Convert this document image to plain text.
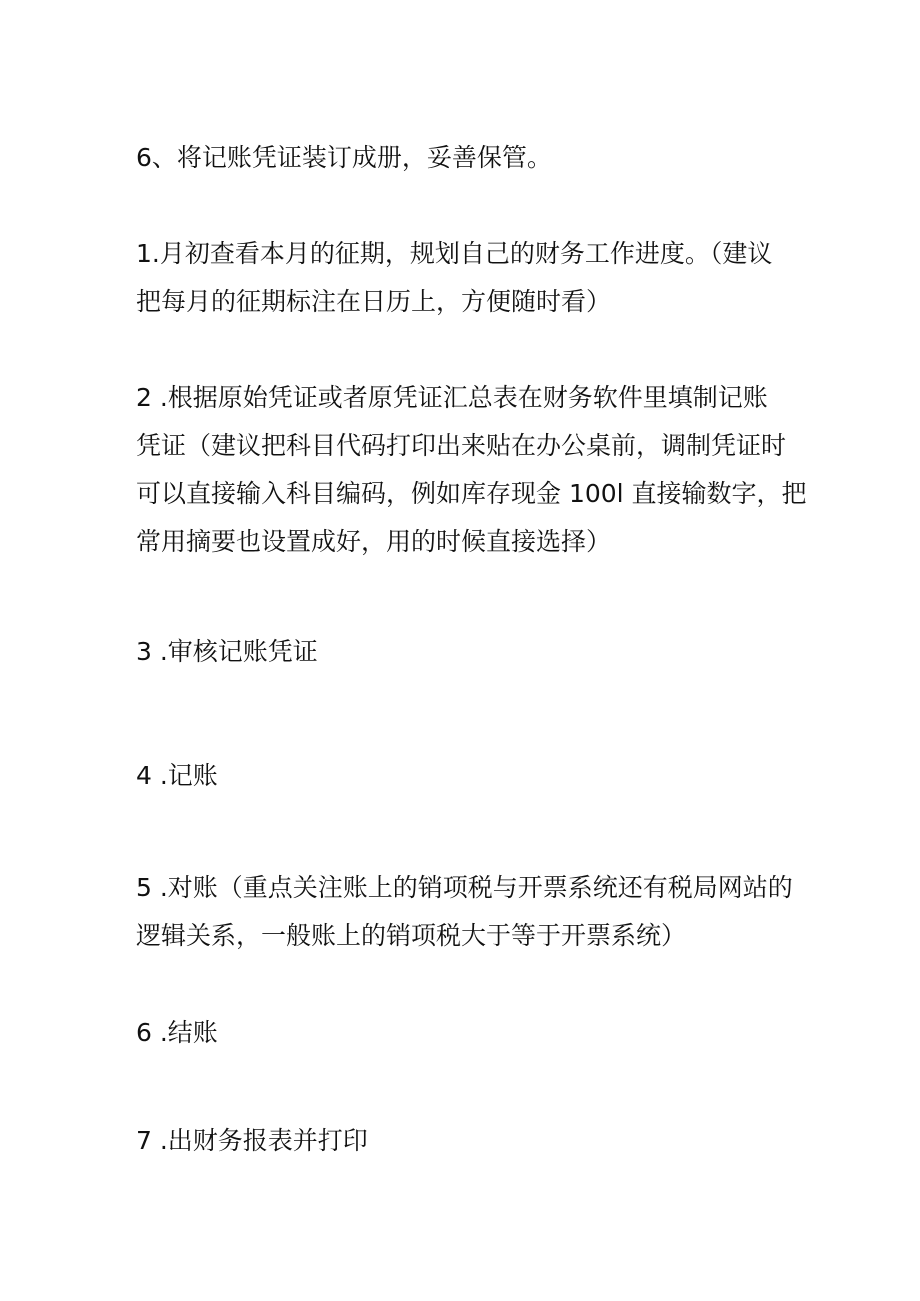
6、将记账凭证装订成册，妥善保管。

1.月初查看本月的征期，规划自己的财务工作进度。（建议
把每月的征期标注在日历上，方便随时看）

2 .根据原始凭证或者原凭证汇总表在财务软件里填制记账
凭证（建议把科目代码打印出来贴在办公桌前，调制凭证时
可以直接输入科目编码，例如库存现金 100l 直接输数字，把
常用摘要也设置成好，用的时候直接选择）

3 .审核记账凭证

4 .记账

5 .对账（重点关注账上的销项税与开票系统还有税局网站的
逻辑关系，一般账上的销项税大于等于开票系统）

6 .结账

7 .出财务报表并打印
